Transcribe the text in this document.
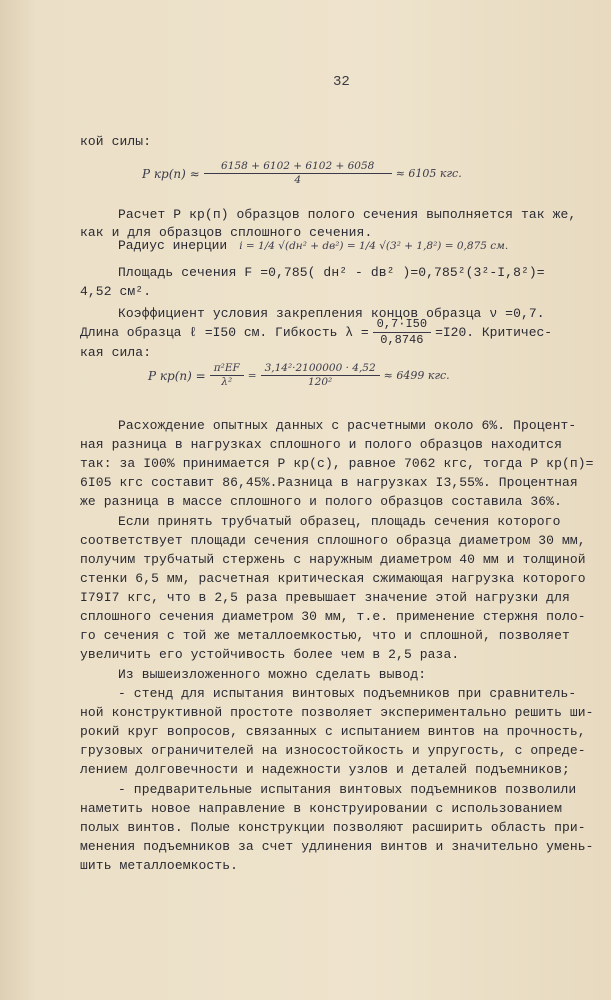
32
кой силы:
P $кр(п) \approx \frac{6158 + 6102 + 6102 + 6058}{4} \approx 6105$ кгс.
Расчет P кр(п) образцов полого сечения выполняется так же,
как и для образцов сплошного сечения.
Радиус инерции i = 1/4 √(dн² + dв²) = 1/4 √(3² + 1,8²) = 0,875 см.
Площадь сечения F =0,785( dн² - dв² )=0,785²(3²-I,8²)=
4,52 см².
Коэффициент условия закрепления концов образца ν =0,7.
Длина образца ℓ =I50 см. Гибкость $\lambda = \frac{0,7\cdot I50}{0,8746} =I20$. Критичес-
кая сила:
P $кр(п) = \frac{\text{π²EF}}{\text{λ²}} = \frac{\text{3,14²·2100000 · 4,52}}{\text{120²}} \approx 6499$ кгс.
Расхождение опытных данных с расчетными около 6%. Процент-
ная разница в нагрузках сплошного и полого образцов находится
так: за I00% принимается P кр(с), равное 7062 кгс, тогда P кр(п)=
6I05 кгс составит 86,45%.Разница в нагрузках I3,55%. Процентная
же разница в массе сплошного и полого образцов составила 36%.
Если принять трубчатый образец, площадь сечения которого
соответствует площади сечения сплошного образца диаметром 30 мм,
получим трубчатый стержень с наружным диаметром 40 мм и толщиной
стенки 6,5 мм, расчетная критическая сжимающая нагрузка которого
I79I7 кгс, что в 2,5 раза превышает значение этой нагрузки для
сплошного сечения диаметром 30 мм, т.е. применение стержня поло-
го сечения с той же металлоемкостью, что и сплошной, позволяет
увеличить его устойчивость более чем в 2,5 раза.
Из вышеизложенного можно сделать вывод:
- стенд для испытания винтовых подъемников при сравнитель-
ной конструктивной простоте позволяет экспериментально решить ши-
рокий круг вопросов, связанных с испытанием винтов на прочность,
грузовых ограничителей на износостойкость и упругость, с опреде-
лением долговечности и надежности узлов и деталей подъемников;
- предварительные испытания винтовых подъемников позволили
наметить новое направление в конструировании с использованием
полых винтов. Полые конструкции позволяют расширить область при-
менения подъемников за счет удлинения винтов и значительно умень-
шить металлоемкость.
